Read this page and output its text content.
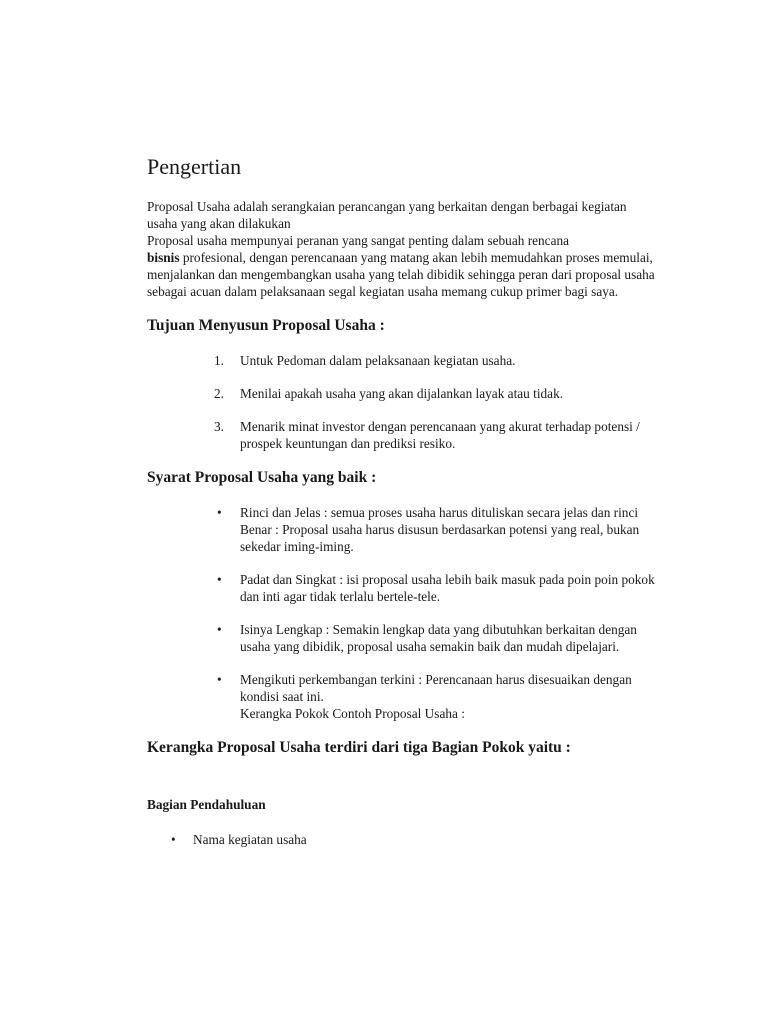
Pengertian

Proposal Usaha adalah serangkaian perancangan yang berkaitan dengan berbagai kegiatan usaha yang akan dilakukan
Proposal usaha mempunyai peranan yang sangat penting dalam sebuah rencana
bisnis profesional, dengan perencanaan yang matang akan lebih memudahkan proses memulai, menjalankan dan mengembangkan usaha yang telah dibidik sehingga peran dari proposal usaha sebagai acuan dalam pelaksanaan segal kegiatan usaha memang cukup primer bagi saya.

Tujuan Menyusun Proposal Usaha :
1. Untuk Pedoman dalam pelaksanaan kegiatan usaha.
2. Menilai apakah usaha yang akan dijalankan layak atau tidak.
3. Menarik minat investor dengan perencanaan yang akurat terhadap potensi / prospek keuntungan dan prediksi resiko.
Syarat Proposal Usaha yang baik :
• Rinci dan Jelas : semua proses usaha harus dituliskan secara jelas dan rinci
Benar : Proposal usaha harus disusun berdasarkan potensi yang real, bukan sekedar iming-iming.
• Padat dan Singkat : isi proposal usaha lebih baik masuk pada poin poin pokok dan inti agar tidak terlalu bertele-tele.
• Isinya Lengkap : Semakin lengkap data yang dibutuhkan berkaitan dengan usaha yang dibidik, proposal usaha semakin baik dan mudah dipelajari.
• Mengikuti perkembangan terkini : Perencanaan harus disesuaikan dengan kondisi saat ini.
Kerangka Pokok Contoh Proposal Usaha :
Kerangka Proposal Usaha terdiri dari tiga Bagian Pokok yaitu :
Bagian Pendahuluan
• Nama kegiatan usaha
